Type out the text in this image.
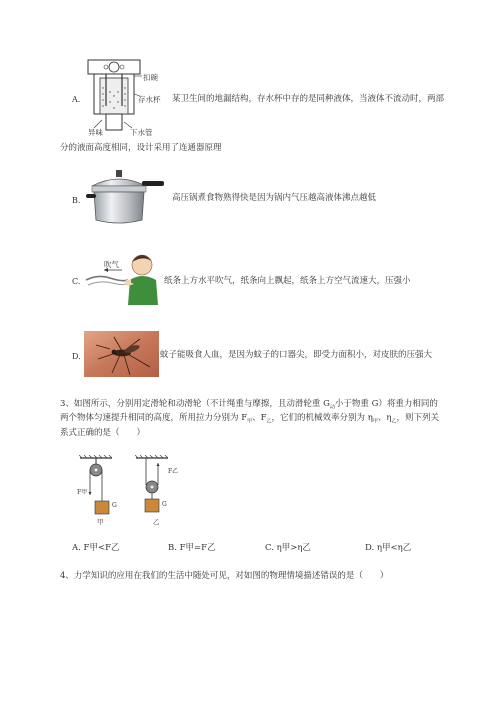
A.
扣碗
存水杯
异味	下水管
某卫生间的地漏结构，存水杯中存的是同种液体，当液体不流动时，两部
分的液面高度相同，设计采用了连通器原理
B.	高压锅煮食物熟得快是因为锅内气压越高液体沸点越低
C.
吹气
纸条上方水平吹气，纸条向上飘起，纸条上方空气流速大，压强小
D.	蚊子能吸食人血，是因为蚊子的口器尖，即受力面积小，对皮肤的压强大
3、如图所示，分别用定滑轮和动滑轮（不计绳重与摩擦，且动滑轮重 $G_动$小于物重 G）将重力相同的
两个物体匀速提升相同的高度，所用拉力分别为 $F_甲$、$F_乙$，它们的机械效率分别为 $\eta_甲$、$\eta_乙$，则下列关
系式正确的是（　　）
F甲
G
甲
F乙
G
乙
A. F甲<F乙	B. F甲=F乙	C. η甲>η乙	D. η甲<η乙
4、力学知识的应用在我们的生活中随处可见，对如图的物理情境描述错误的是（　　）
